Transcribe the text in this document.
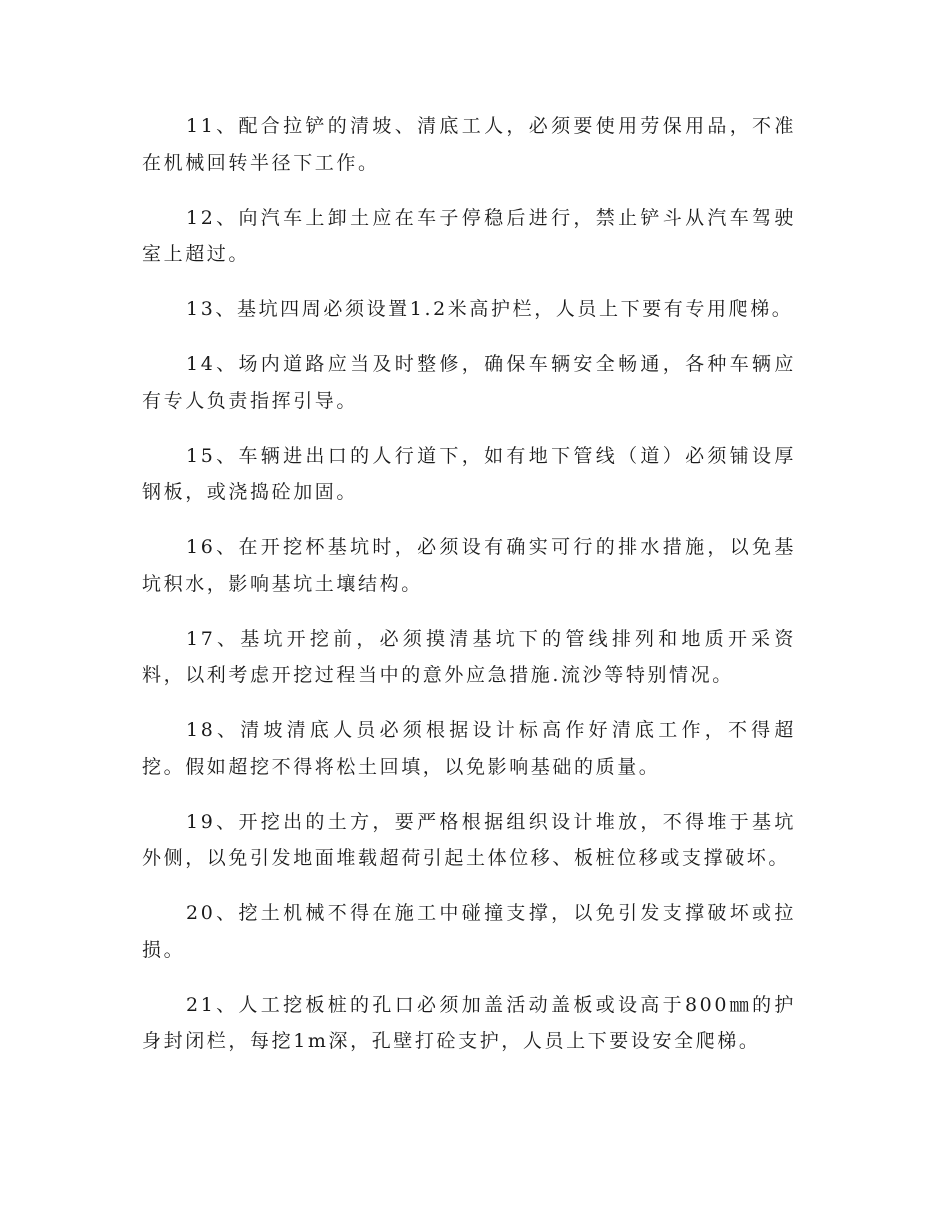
11、配合拉铲的清坡、清底工人，必须要使用劳保用品，不准在机械回转半径下工作。

12、向汽车上卸土应在车子停稳后进行，禁止铲斗从汽车驾驶室上超过。

13、基坑四周必须设置1.2米高护栏，人员上下要有专用爬梯。

14、场内道路应当及时整修，确保车辆安全畅通，各种车辆应有专人负责指挥引导。

15、车辆进出口的人行道下，如有地下管线（道）必须铺设厚钢板，或浇捣砼加固。

16、在开挖杯基坑时，必须设有确实可行的排水措施，以免基坑积水，影响基坑土壤结构。

17、基坑开挖前，必须摸清基坑下的管线排列和地质开采资料，以利考虑开挖过程当中的意外应急措施.流沙等特别情况。

18、清坡清底人员必须根据设计标高作好清底工作，不得超挖。假如超挖不得将松土回填，以免影响基础的质量。

19、开挖出的土方，要严格根据组织设计堆放，不得堆于基坑外侧，以免引发地面堆载超荷引起土体位移、板桩位移或支撑破坏。

20、挖土机械不得在施工中碰撞支撑，以免引发支撑破坏或拉损。

21、人工挖板桩的孔口必须加盖活动盖板或设高于800㎜的护身封闭栏，每挖1m深，孔壁打砼支护，人员上下要设安全爬梯。
